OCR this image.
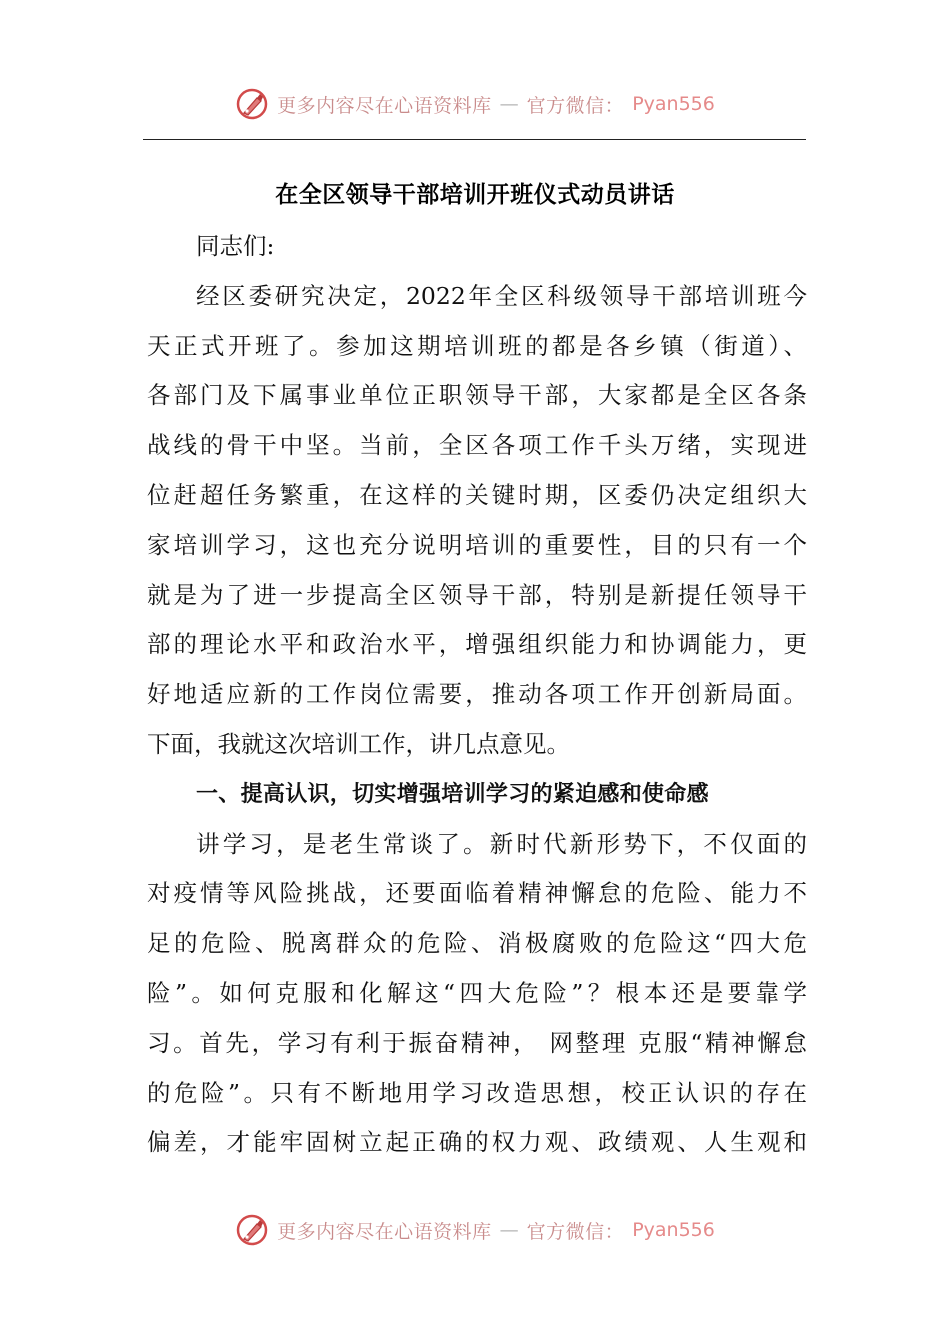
更多内容尽在心语资料库 — 官方微信： Pyan556
在全区领导干部培训开班仪式动员讲话
同志们:
经区委研究决定，2022年全区科级领导干部培训班今
天正式开班了。参加这期培训班的都是各乡镇（街道）、
各部门及下属事业单位正职领导干部，大家都是全区各条
战线的骨干中坚。当前，全区各项工作千头万绪，实现进
位赶超任务繁重，在这样的关键时期，区委仍决定组织大
家培训学习，这也充分说明培训的重要性，目的只有一个
就是为了进一步提高全区领导干部，特别是新提任领导干
部的理论水平和政治水平，增强组织能力和协调能力，更
好地适应新的工作岗位需要，推动各项工作开创新局面。
下面，我就这次培训工作，讲几点意见。
一、提高认识，切实增强培训学习的紧迫感和使命感
讲学习，是老生常谈了。新时代新形势下，不仅面的
对疫情等风险挑战，还要面临着精神懈怠的危险、能力不
足的危险、脱离群众的危险、消极腐败的危险这“四大危
险”。如何克服和化解这“四大危险”？根本还是要靠学
习。首先，学习有利于振奋精神， 网整理 克服“精神懈怠
的危险”。只有不断地用学习改造思想，校正认识的存在
偏差，才能牢固树立起正确的权力观、政绩观、人生观和
更多内容尽在心语资料库 — 官方微信： Pyan556
